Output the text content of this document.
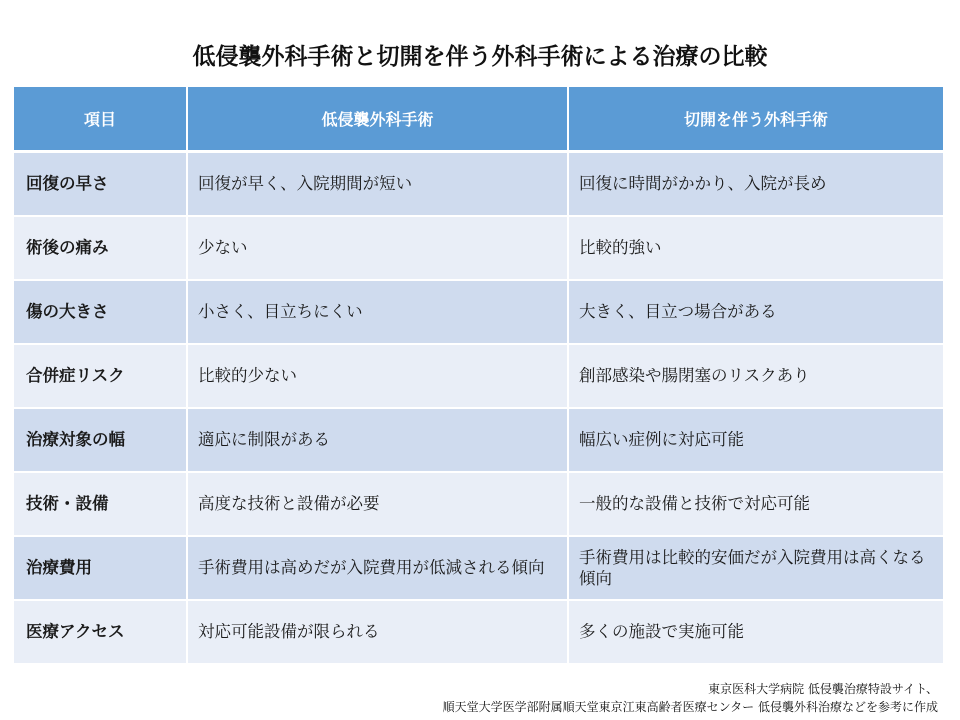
低侵襲外科手術と切開を伴う外科手術による治療の比較
項目	低侵襲外科手術	切開を伴う外科手術
回復の早さ	回復が早く、入院期間が短い	回復に時間がかかり、入院が長め
術後の痛み	少ない	比較的強い
傷の大きさ	小さく、目立ちにくい	大きく、目立つ場合がある
合併症リスク	比較的少ない	創部感染や腸閉塞のリスクあり
治療対象の幅	適応に制限がある	幅広い症例に対応可能
技術・設備	高度な技術と設備が必要	一般的な設備と技術で対応可能
治療費用	手術費用は高めだが入院費用が低減される傾向	手術費用は比較的安価だが入院費用は高くなる傾向
医療アクセス	対応可能設備が限られる	多くの施設で実施可能
東京医科大学病院 低侵襲治療特設サイト、
順天堂大学医学部附属順天堂東京江東高齢者医療センター 低侵襲外科治療などを参考に作成
